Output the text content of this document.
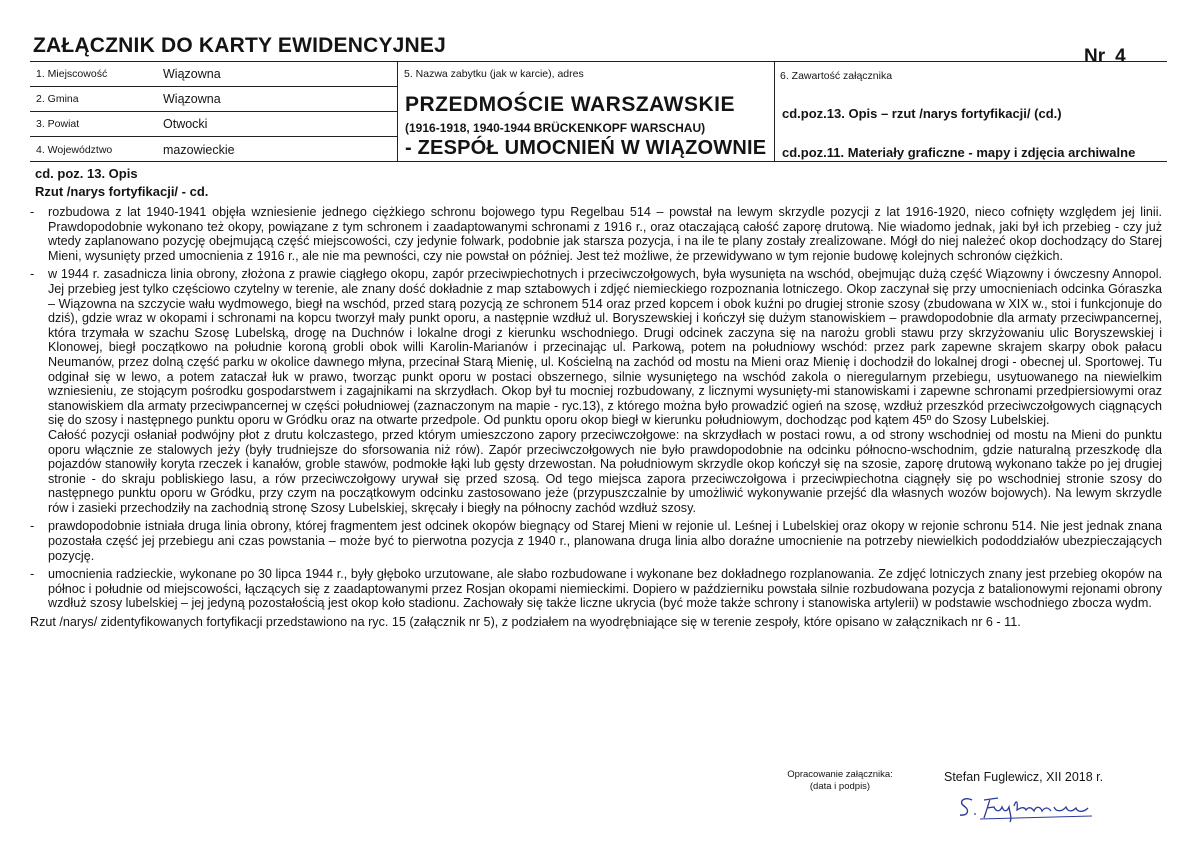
ZAŁĄCZNIK DO KARTY EWIDENCYJNEJ	Nr 4
1. Miejscowość	Wiązowna
2. Gmina	Wiązowna
3. Powiat	Otwocki
4. Województwo	mazowieckie
5. Nazwa zabytku (jak w karcie), adres
PRZEDMOŚCIE WARSZAWSKIE
(1916-1918, 1940-1944 BRÜCKENKOPF WARSCHAU)
- ZESPÓŁ UMOCNIEŃ W WIĄZOWNIE
6. Zawartość załącznika
cd.poz.13. Opis – rzut /narys fortyfikacji/ (cd.)
cd.poz.11. Materiały graficzne - mapy i zdjęcia archiwalne
cd. poz. 13. Opis
Rzut /narys fortyfikacji/ - cd.

- rozbudowa z lat 1940-1941 objęła wzniesienie jednego ciężkiego schronu bojowego typu Regelbau 514 – powstał na lewym skrzydle pozycji z lat 1916-1920, nieco cofnięty względem jej linii. Prawdopodobnie wykonano też okopy, powiązane z tym schronem i zaadaptowanymi schronami z 1916 r., oraz otaczającą całość zaporę drutową. Nie wiadomo jednak, jaki był ich przebieg - czy już wtedy zaplanowano pozycję obejmującą część miejscowości, czy jedynie folwark, podobnie jak starsza pozycja, i na ile te plany zostały zrealizowane. Mógł do niej należeć okop dochodzący do Starej Mieni, wysunięty przed umocnienia z 1916 r., ale nie ma pewności, czy nie powstał on później. Jest też możliwe, że przewidywano w tym rejonie budowę kolejnych schronów ciężkich.

- w 1944 r. zasadnicza linia obrony, złożona z prawie ciągłego okopu, zapór przeciwpiechotnych i przeciwczołgowych, była wysunięta na wschód, obejmując dużą część Wiązowny i ówczesny Annopol. Jej przebieg jest tylko częściowo czytelny w terenie, ale znany dość dokładnie z map sztabowych i zdjęć niemieckiego rozpoznania lotniczego. Okop zaczynał się przy umocnieniach odcinka Góraszka – Wiązowna na szczycie wału wydmowego, biegł na wschód, przed starą pozycją ze schronem 514 oraz przed kopcem i obok kuźni po drugiej stronie szosy (zbudowana w XIX w., stoi i funkcjonuje do dziś), gdzie wraz w okopami i schronami na kopcu tworzył mały punkt oporu, a następnie wzdłuż ul. Boryszewskiej i kończył się dużym stanowiskiem – prawdopodobnie dla armaty przeciwpancernej, która trzymała w szachu Szosę Lubelską, drogę na Duchnów i lokalne drogi z kierunku wschodniego. Drugi odcinek zaczyna się na narożu grobli stawu przy skrzyżowaniu ulic Boryszewskiej i Klonowej, biegł początkowo na południe koroną grobli obok willi Karolin-Marianów i przecinając ul. Parkową, potem na południowy wschód: przez park zapewne skrajem skarpy obok pałacu Neumanów, przez dolną część parku w okolice dawnego młyna, przecinał Starą Mienię, ul. Kościelną na zachód od mostu na Mieni oraz Mienię i dochodził do lokalnej drogi - obecnej ul. Sportowej. Tu odginał się w lewo, a potem zataczał łuk w prawo, tworząc punkt oporu w postaci obszernego, silnie wysuniętego na wschód zakola o nieregularnym przebiegu, usytuowanego na niewielkim wzniesieniu, ze stojącym pośrodku gospodarstwem i zagajnikami na skrzydłach. Okop był tu mocniej rozbudowany, z licznymi wysunięty-mi stanowiskami i zapewne schronami przedpiersiowymi oraz stanowiskiem dla armaty przeciwpancernej w części południowej (zaznaczonym na mapie - ryc.13), z którego można było prowadzić ogień na szosę, wzdłuż przeszkód przeciwczołgowych ciągnących się do szosy i następnego punktu oporu w Gródku oraz na otwarte przedpole. Od punktu oporu okop biegł w kierunku południowym, dochodząc pod kątem 45º do Szosy Lubelskiej.

Całość pozycji osłaniał podwójny płot z drutu kolczastego, przed którym umieszczono zapory przeciwczołgowe: na skrzydłach w postaci rowu, a od strony wschodniej od mostu na Mieni do punktu oporu włącznie ze stalowych jeży (były trudniejsze do sforsowania niż rów). Zapór przeciwczołgowych nie było prawdopodobnie na odcinku północno-wschodnim, gdzie naturalną przeszkodę dla pojazdów stanowiły koryta rzeczek i kanałów, groble stawów, podmokłe łąki lub gęsty drzewostan. Na południowym skrzydle okop kończył się na szosie, zaporę drutową wykonano także po jej drugiej stronie - do skraju pobliskiego lasu, a rów przeciwczołgowy urywał się przed szosą. Od tego miejsca zapora przeciwczołgowa i przeciwpiechotna ciągnęły się po wschodniej stronie szosy do następnego punktu oporu w Gródku, przy czym na początkowym odcinku zastosowano jeże (przypuszczalnie by umożliwić wykonywanie przejść dla własnych wozów bojowych). Na lewym skrzydle rów i zasieki przechodziły na zachodnią stronę Szosy Lubelskiej, skręcały i biegły na północny zachód wzdłuż szosy.

- prawdopodobnie istniała druga linia obrony, której fragmentem jest odcinek okopów biegnący od Starej Mieni w rejonie ul. Leśnej i Lubelskiej oraz okopy w rejonie schronu 514. Nie jest jednak znana pozostała część jej przebiegu ani czas powstania – może być to pierwotna pozycja z 1940 r., planowana druga linia albo doraźne umocnienie na potrzeby niewielkich pododdziałów ubezpieczających pozycję.

- umocnienia radzieckie, wykonane po 30 lipca 1944 r., były głęboko urzutowane, ale słabo rozbudowane i wykonane bez dokładnego rozplanowania. Ze zdjęć lotniczych znany jest przebieg okopów na północ i południe od miejscowości, łączących się z zaadaptowanymi przez Rosjan okopami niemieckimi. Dopiero w październiku powstała silnie rozbudowana pozycja z batalionowymi rejonami obrony wzdłuż szosy lubelskiej – jej jedyną pozostałością jest okop koło stadionu. Zachowały się także liczne ukrycia (być może także schrony i stanowiska artylerii) w podstawie wschodniego zbocza wydm.

Rzut /narys/ zidentyfikowanych fortyfikacji przedstawiono na ryc. 15 (załącznik nr 5), z podziałem na wyodrębniające się w terenie zespoły, które opisano w załącznikach nr 6 - 11.

Opracowanie załącznika:
(data i podpis)
Stefan Fuglewicz, XII 2018 r.
